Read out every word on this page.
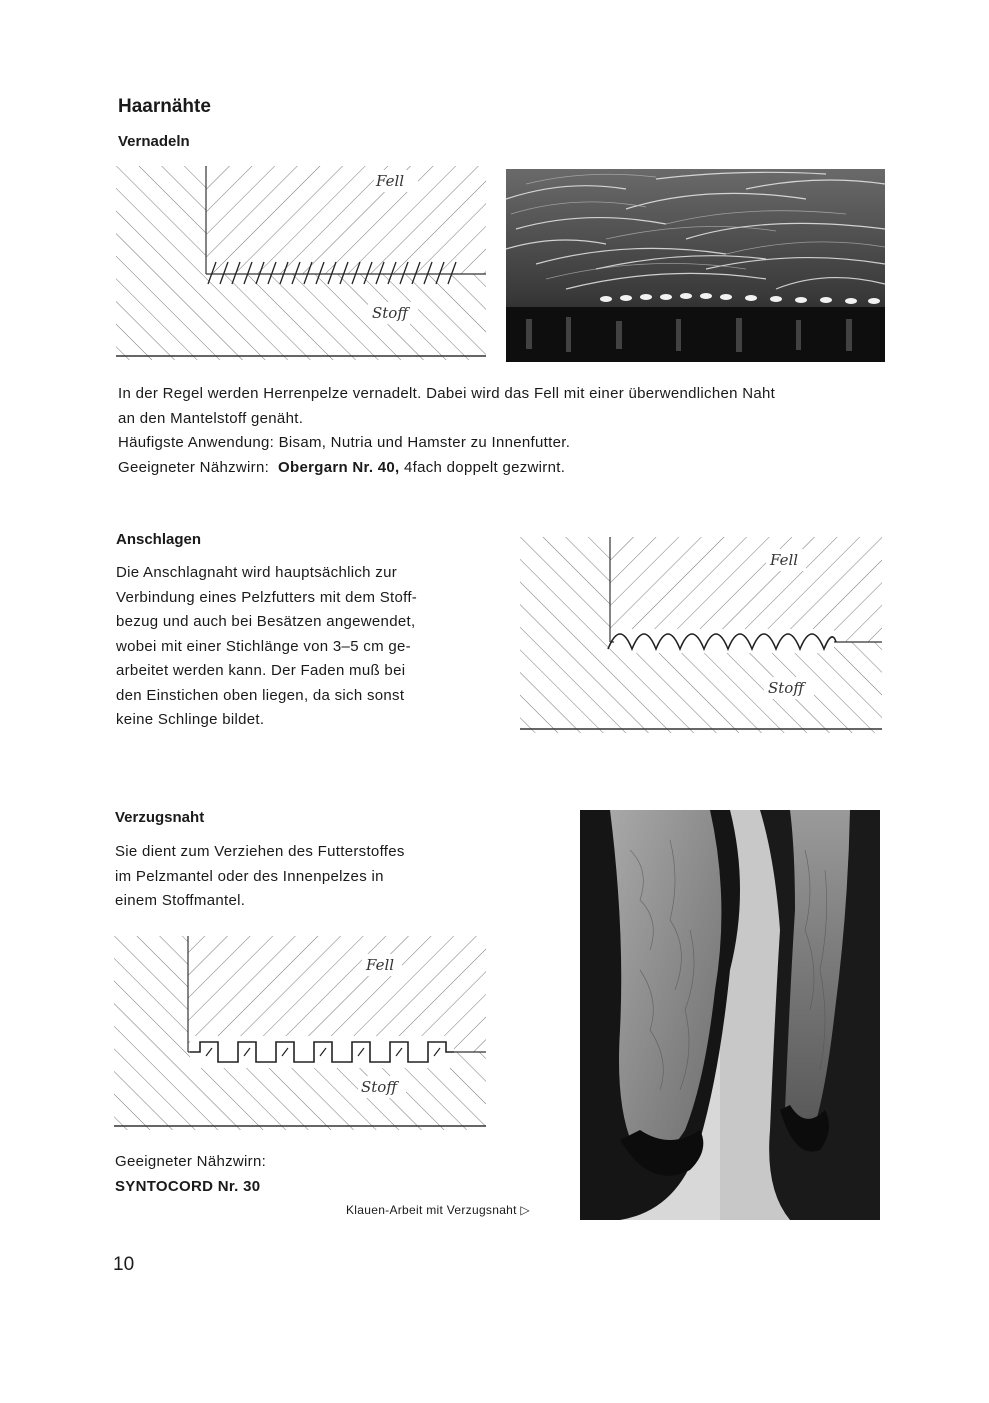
Haarnähte
Vernadeln
Fell
Stoff
In der Regel werden Herrenpelze vernadelt. Dabei wird das Fell mit einer überwendlichen Naht
an den Mantelstoff genäht.
Häufigste Anwendung: Bisam, Nutria und Hamster zu Innenfutter.
Geeigneter Nähzwirn: Obergarn Nr. 40, 4fach doppelt gezwirnt.
Anschlagen
Die Anschlagnaht wird hauptsächlich zur
Verbindung eines Pelzfutters mit dem Stoff-
bezug und auch bei Besätzen angewendet,
wobei mit einer Stichlänge von 3–5 cm ge-
arbeitet werden kann. Der Faden muß bei
den Einstichen oben liegen, da sich sonst
keine Schlinge bildet.
Fell
Stoff
Verzugsnaht
Sie dient zum Verziehen des Futterstoffes
im Pelzmantel oder des Innenpelzes in
einem Stoffmantel.
Fell
Stoff
Geeigneter Nähzwirn:
SYNTOCORD Nr. 30
Klauen-Arbeit mit Verzugsnaht ▷
10
